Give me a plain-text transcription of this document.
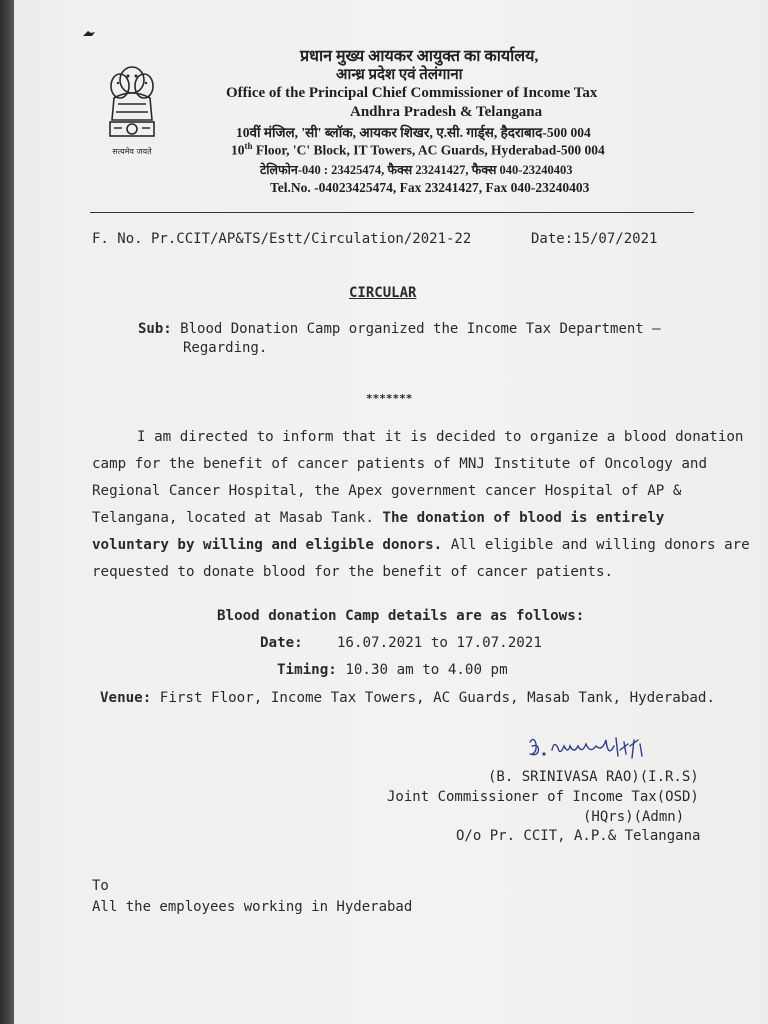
सत्यमेव जयते
प्रधान मुख्य आयकर आयुक्त का कार्यालय,
आन्ध्र प्रदेश एवं तेलंगाना
Office of the Principal Chief Commissioner of Income Tax
Andhra Pradesh & Telangana
10वीं मंजिल, 'सी' ब्लॉक, आयकर शिखर, ए.सी. गार्ड्स, हैदराबाद-500 004
10th Floor, 'C' Block, IT Towers, AC Guards, Hyderabad-500 004
टेलिफोन-040 : 23425474, फैक्स 23241427, फैक्स 040-23240403
Tel.No. -04023425474, Fax 23241427, Fax 040-23240403
F. No. Pr.CCIT/AP&TS/Estt/Circulation/2021-22	Date:15/07/2021
CIRCULAR
Sub: Blood Donation Camp organized the Income Tax Department –
Regarding.
*******
I am directed to inform that it is decided to organize a blood donation
camp for the benefit of cancer patients of MNJ Institute of Oncology and
Regional Cancer Hospital, the Apex government cancer Hospital of AP &
Telangana, located at Masab Tank. The donation of blood is entirely
voluntary by willing and eligible donors. All eligible and willing donors are
requested to donate blood for the benefit of cancer patients.
Blood donation Camp details are as follows:
Date: 16.07.2021 to 17.07.2021
Timing: 10.30 am to 4.00 pm
Venue: First Floor, Income Tax Towers, AC Guards, Masab Tank, Hyderabad.
(B. SRINIVASA RAO)(I.R.S)
Joint Commissioner of Income Tax(OSD)
(HQrs)(Admn)
O/o Pr. CCIT, A.P.& Telangana
To
All the employees working in Hyderabad
